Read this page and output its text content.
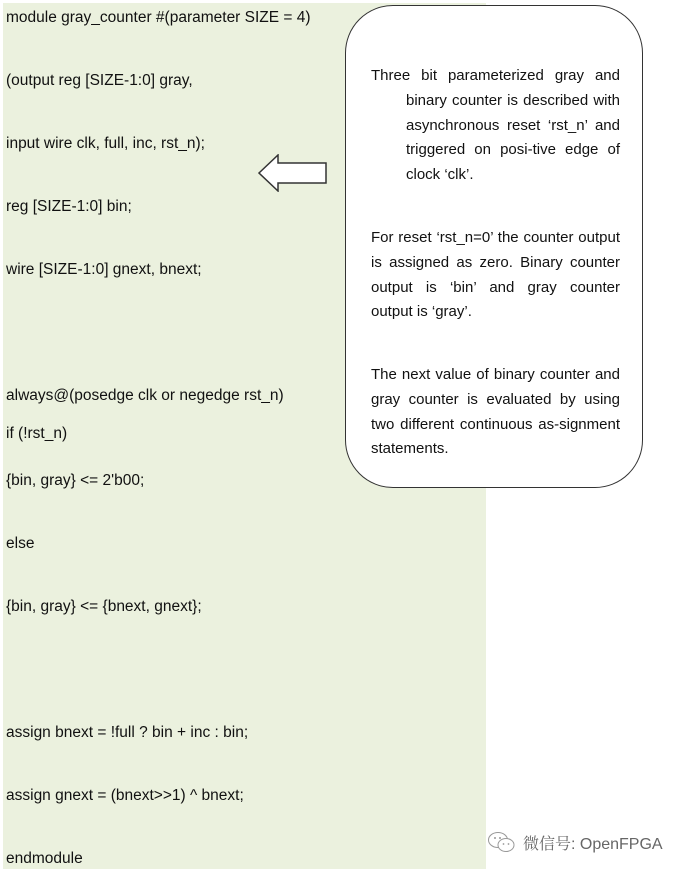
module gray_counter #(parameter SIZE = 4)
(output reg [SIZE-1:0] gray,
input wire clk, full, inc, rst_n);
reg [SIZE-1:0] bin;
wire [SIZE-1:0] gnext, bnext;
always@(posedge clk or negedge rst_n)
if (!rst_n)
{bin, gray} <= 2'b00;
else
{bin, gray} <= {bnext, gnext};
assign bnext = !full ? bin + inc : bin;
assign gnext = (bnext>>1) ^ bnext;
endmodule

Three bit parameterized gray and binary counter is described with asynchronous reset ‘rst_n’ and triggered on posi-tive edge of clock ‘clk’.

For reset ‘rst_n=0’ the counter output is assigned as zero. Binary counter output is ‘bin’ and gray counter output is ‘gray’.

The next value of binary counter and gray counter is evaluated by using two different continuous as-signment statements.

微信号: OpenFPGA
